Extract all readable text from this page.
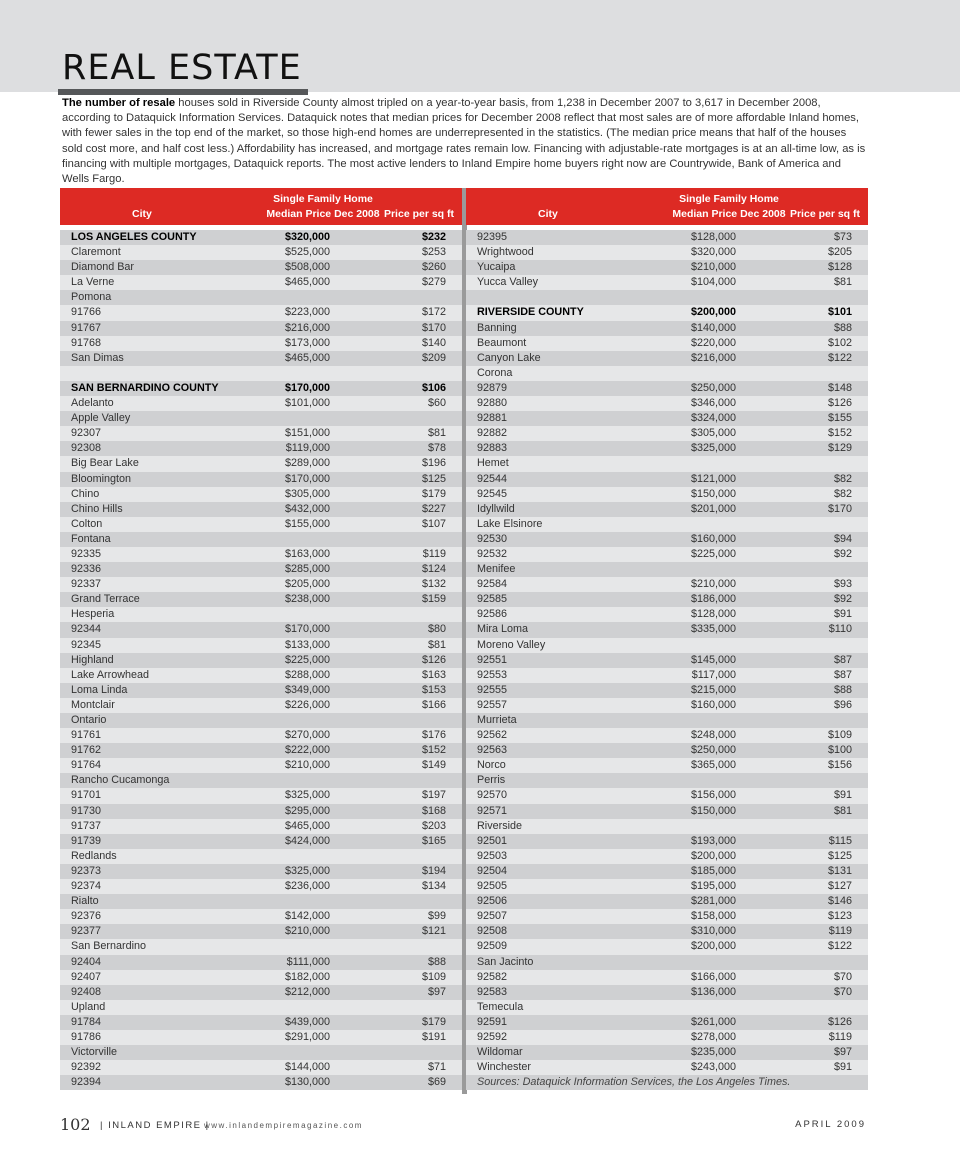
REAL ESTATE

The number of resale houses sold in Riverside County almost tripled on a year-to-year basis, from 1,238 in December 2007 to 3,617 in December 2008, according to Dataquick Information Services. Dataquick notes that median prices for December 2008 reflect that most sales are of more affordable Inland homes, with fewer sales in the top end of the market, so those high-end homes are underrepresented in the statistics. (The median price means that half of the houses sold cost more, and half cost less.) Affordability has increased, and mortgage rates remain low. Financing with adjustable-rate mortgages is at an all-time low, as is financing with multiple mortgages, Dataquick reports. The most active lenders to Inland Empire home buyers right now are Countrywide, Bank of America and Wells Fargo.

City
Single Family Home
Median Price Dec 2008 Price per sq ft
LOS ANGELES COUNTY	$320,000	$232
Claremont	$525,000	$253
Diamond Bar	$508,000	$260
La Verne	$465,000	$279
Pomona
91766	$223,000	$172
91767	$216,000	$170
91768	$173,000	$140
San Dimas	$465,000	$209
SAN BERNARDINO COUNTY	$170,000	$106
Adelanto	$101,000	$60
Apple Valley
92307	$151,000	$81
92308	$119,000	$78
Big Bear Lake	$289,000	$196
Bloomington	$170,000	$125
Chino	$305,000	$179
Chino Hills	$432,000	$227
Colton	$155,000	$107
Fontana
92335	$163,000	$119
92336	$285,000	$124
92337	$205,000	$132
Grand Terrace	$238,000	$159
Hesperia
92344	$170,000	$80
92345	$133,000	$81
Highland	$225,000	$126
Lake Arrowhead	$288,000	$163
Loma Linda	$349,000	$153
Montclair	$226,000	$166
Ontario
91761	$270,000	$176
91762	$222,000	$152
91764	$210,000	$149
Rancho Cucamonga
91701	$325,000	$197
91730	$295,000	$168
91737	$465,000	$203
91739	$424,000	$165
Redlands
92373	$325,000	$194
92374	$236,000	$134
Rialto
92376	$142,000	$99
92377	$210,000	$121
San Bernardino
92404	$111,000	$88
92407	$182,000	$109
92408	$212,000	$97
Upland
91784	$439,000	$179
91786	$291,000	$191
Victorville
92392	$144,000	$71
92394	$130,000	$69
City
Single Family Home
Median Price Dec 2008 Price per sq ft
92395	$128,000	$73
Wrightwood	$320,000	$205
Yucaipa	$210,000	$128
Yucca Valley	$104,000	$81
RIVERSIDE COUNTY	$200,000	$101
Banning	$140,000	$88
Beaumont	$220,000	$102
Canyon Lake	$216,000	$122
Corona
92879	$250,000	$148
92880	$346,000	$126
92881	$324,000	$155
92882	$305,000	$152
92883	$325,000	$129
Hemet
92544	$121,000	$82
92545	$150,000	$82
Idyllwild	$201,000	$170
Lake Elsinore
92530	$160,000	$94
92532	$225,000	$92
Menifee
92584	$210,000	$93
92585	$186,000	$92
92586	$128,000	$91
Mira Loma	$335,000	$110
Moreno Valley
92551	$145,000	$87
92553	$117,000	$87
92555	$215,000	$88
92557	$160,000	$96
Murrieta
92562	$248,000	$109
92563	$250,000	$100
Norco	$365,000	$156
Perris
92570	$156,000	$91
92571	$150,000	$81
Riverside
92501	$193,000	$115
92503	$200,000	$125
92504	$185,000	$131
92505	$195,000	$127
92506	$281,000	$146
92507	$158,000	$123
92508	$310,000	$119
92509	$200,000	$122
San Jacinto
92582	$166,000	$70
92583	$136,000	$70
Temecula
92591	$261,000	$126
92592	$278,000	$119
Wildomar	$235,000	$97
Winchester	$243,000	$91
Sources: Dataquick Information Services, the Los Angeles Times.
102 | INLAND EMPIRE |
www.inlandempiremagazine.com	APRIL 2009
